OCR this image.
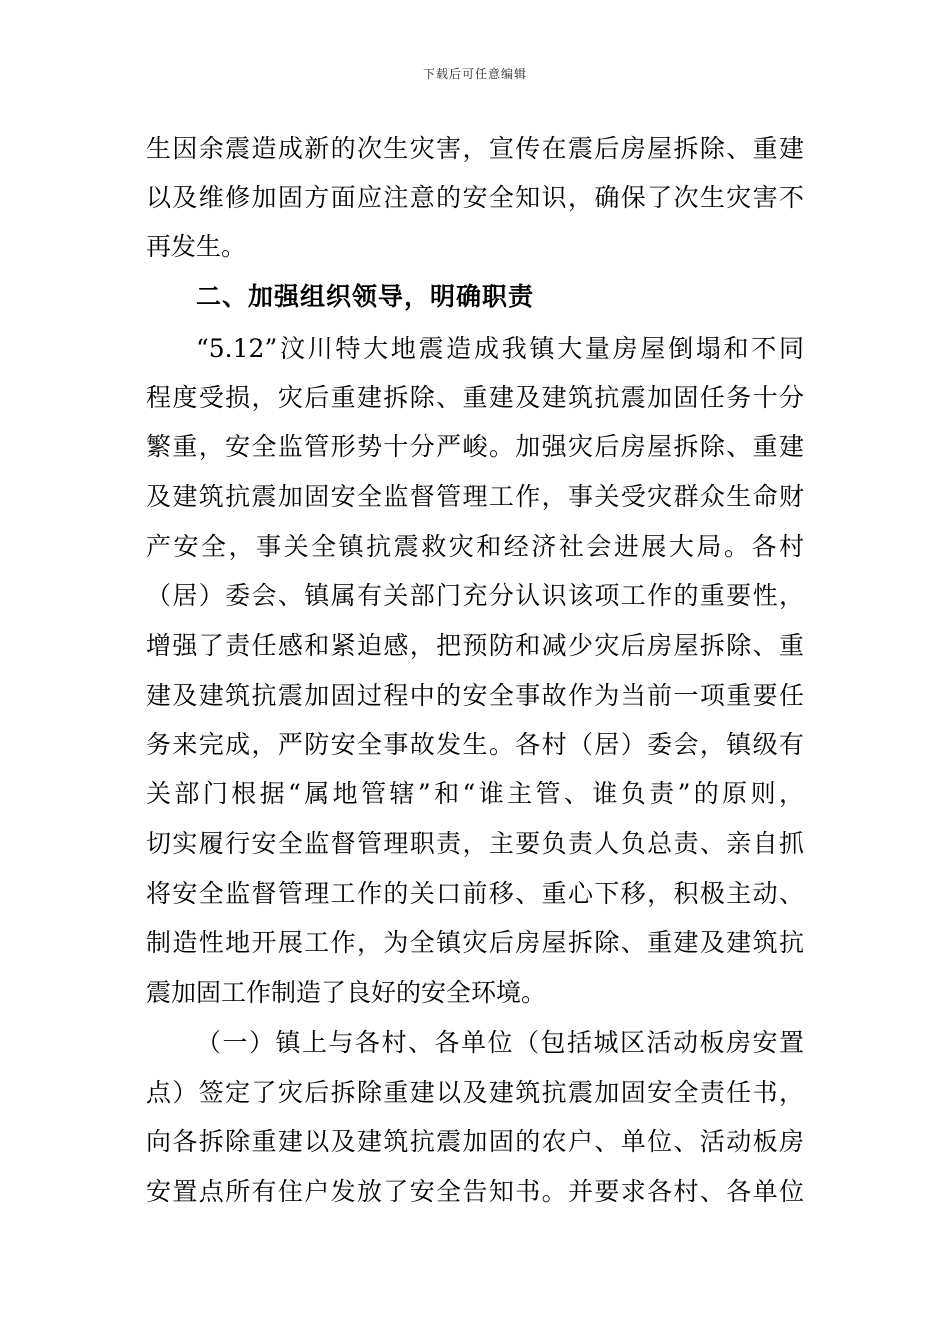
下载后可任意编辑
生因余震造成新的次生灾害，宣传在震后房屋拆除、重建
以及维修加固方面应注意的安全知识，确保了次生灾害不
再发生。
二、加强组织领导，明确职责
“5.12”汶川特大地震造成我镇大量房屋倒塌和不同
程度受损，灾后重建拆除、重建及建筑抗震加固任务十分
繁重，安全监管形势十分严峻。加强灾后房屋拆除、重建
及建筑抗震加固安全监督管理工作，事关受灾群众生命财
产安全，事关全镇抗震救灾和经济社会进展大局。各村
（居）委会、镇属有关部门充分认识该项工作的重要性，
增强了责任感和紧迫感，把预防和减少灾后房屋拆除、重
建及建筑抗震加固过程中的安全事故作为当前一项重要任
务来完成，严防安全事故发生。各村（居）委会，镇级有
关部门根据“属地管辖”和“谁主管、谁负责”的原则，
切实履行安全监督管理职责，主要负责人负总责、亲自抓
将安全监督管理工作的关口前移、重心下移，积极主动、
制造性地开展工作，为全镇灾后房屋拆除、重建及建筑抗
震加固工作制造了良好的安全环境。
（一）镇上与各村、各单位（包括城区活动板房安置
点）签定了灾后拆除重建以及建筑抗震加固安全责任书，
向各拆除重建以及建筑抗震加固的农户、单位、活动板房
安置点所有住户发放了安全告知书。并要求各村、各单位
